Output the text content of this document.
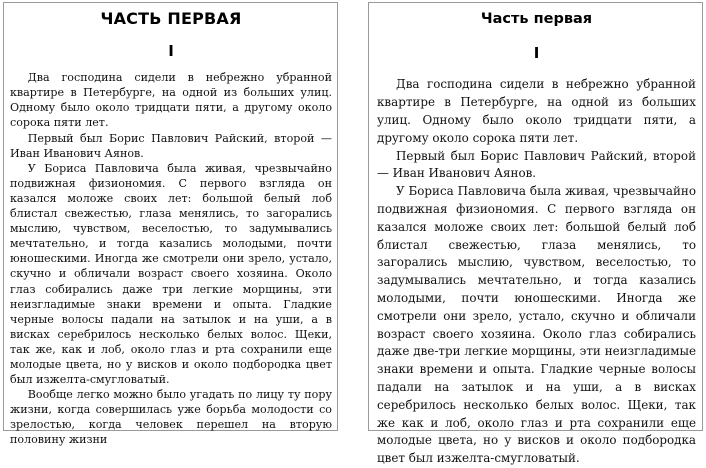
ЧАСТЬ ПЕРВАЯ
I

Два господина сидели в небрежно убранной квартире в Петербурге, на одной из больших улиц. Одному было около тридцати пяти, а другому около сорока пяти лет.

Первый был Борис Павлович Райский, второй — Иван Иванович Аянов.

У Бориса Павловича была живая, чрезвычайно подвижная физиономия. С первого взгляда он казался моложе своих лет: большой белый лоб блистал свежестью, глаза менялись, то загорались мыслию, чувством, веселостью, то задумывались мечтательно, и тогда казались молодыми, почти юношескими. Иногда же смотрели они зрело, устало, скучно и обличали возраст своего хозяина. Около глаз собирались даже три легкие морщины, эти неизгладимые знаки времени и опыта. Гладкие черные волосы падали на затылок и на уши, а в висках серебрилось несколько белых волос. Щеки, так же, как и лоб, около глаз и рта сохранили еще молодые цвета, но у висков и около подбородка цвет был изжелта-смугловатый.

Вообще легко можно было угадать по лицу ту пору жизни, когда совершилась уже борьба молодости со зрелостью, когда человек перешел на вторую половину жизни

Часть первая
I

Два господина сидели в небрежно убранной квартире в Петербурге, на одной из больших улиц. Одному было около тридцати пяти, а другому около сорока пяти лет.

Первый был Борис Павлович Райский, второй — Иван Иванович Аянов.

У Бориса Павловича была живая, чрезвычайно подвижная физиономия. С первого взгляда он казался моложе своих лет: большой белый лоб блистал свежестью, глаза менялись, то загорались мыслию, чувством, веселостью, то задумывались мечтательно, и тогда казались молодыми, почти юношескими. Иногда же смотрели они зрело, устало, скучно и обличали возраст своего хозяина. Около глаз собирались даже две-три легкие морщины, эти неизгладимые знаки времени и опыта. Гладкие черные волосы падали на затылок и на уши, а в висках серебрилось несколько белых волос. Щеки, так же как и лоб, около глаз и рта сохранили еще молодые цвета, но у висков и около подбородка цвет был изжелта-смугловатый.
